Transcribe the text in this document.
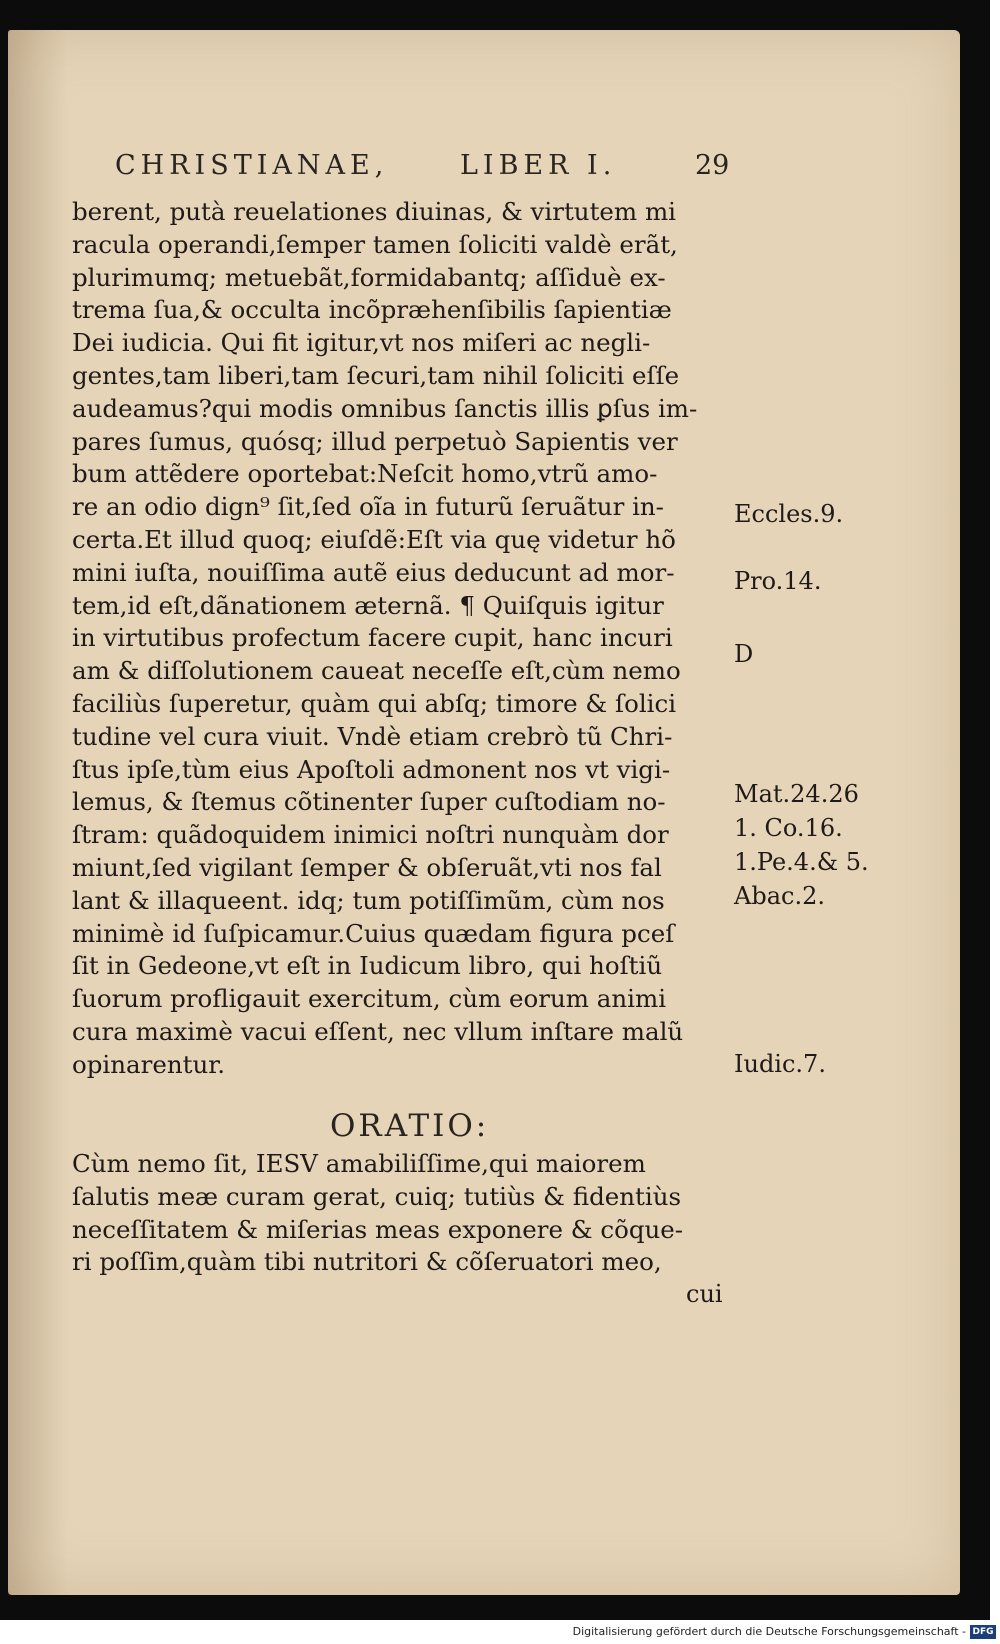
CHRISTIANAE,	LIBER I.	29
berent, putà reuelationes diuinas, & virtutem mi
racula operandi,ſemper tamen ſoliciti valdè erãt,
plurimumq; metuebãt,formidabantq; aſſiduè ex-
trema ſua,& occulta incõpræhenſibilis ſapientiæ
Dei iudicia. Qui fit igitur,vt nos miſeri ac negli-
gentes,tam liberi,tam ſecuri,tam nihil ſoliciti eſſe
audeamus?qui modis omnibus ſanctis illis ꝑſus im-
pares ſumus, quósq; illud perpetuò Sapientis ver
bum attẽdere oportebat:Neſcit homo,vtrũ amo-
re an odio dign⁹ ſit,ſed oĩa in futurũ ſeruãtur in-
certa.Et illud quoq; eiuſdẽ:Eſt via quę videtur hõ
mini iuſta, nouiſſima autẽ eius deducunt ad mor-
tem,id eſt,dãnationem æternã. ¶ Quiſquis igitur
in virtutibus profectum facere cupit, hanc incuri
am & diſſolutionem caueat neceſſe eſt,cùm nemo
faciliùs ſuperetur, quàm qui abſq; timore & ſolici
tudine vel cura viuit. Vndè etiam crebrò tũ Chri-
ſtus ipſe,tùm eius Apoſtoli admonent nos vt vigi-
lemus, & ſtemus cõtinenter ſuper cuſtodiam no-
ſtram: quãdoquidem inimici noſtri nunquàm dor
miunt,ſed vigilant ſemper & obſeruãt,vti nos fal
lant & illaqueent. idq; tum potiſſimũm, cùm nos
minimè id ſuſpicamur.Cuius quædam figura pceſ
ſit in Gedeone,vt eſt in Iudicum libro, qui hoſtiũ
ſuorum profligauit exercitum, cùm eorum animi
cura maximè vacui eſſent, nec vllum inſtare malũ
opinarentur.
ORATIO:
Cùm nemo ſit, IESV amabiliſſime,qui maiorem
ſalutis meæ curam gerat, cuiq; tutiùs & fidentiùs
neceſſitatem & miſerias meas exponere & cõque-
ri poſſim,quàm tibi nutritori & cõſeruatori meo,
cui
Eccles.9.
Pro.14.
D
Mat.24.26
1. Co.16.
1.Pe.4.& 5.
Abac.2.
Iudic.7.
Digitalisierung gefördert durch die Deutsche Forschungsgemeinschaft - DFG
